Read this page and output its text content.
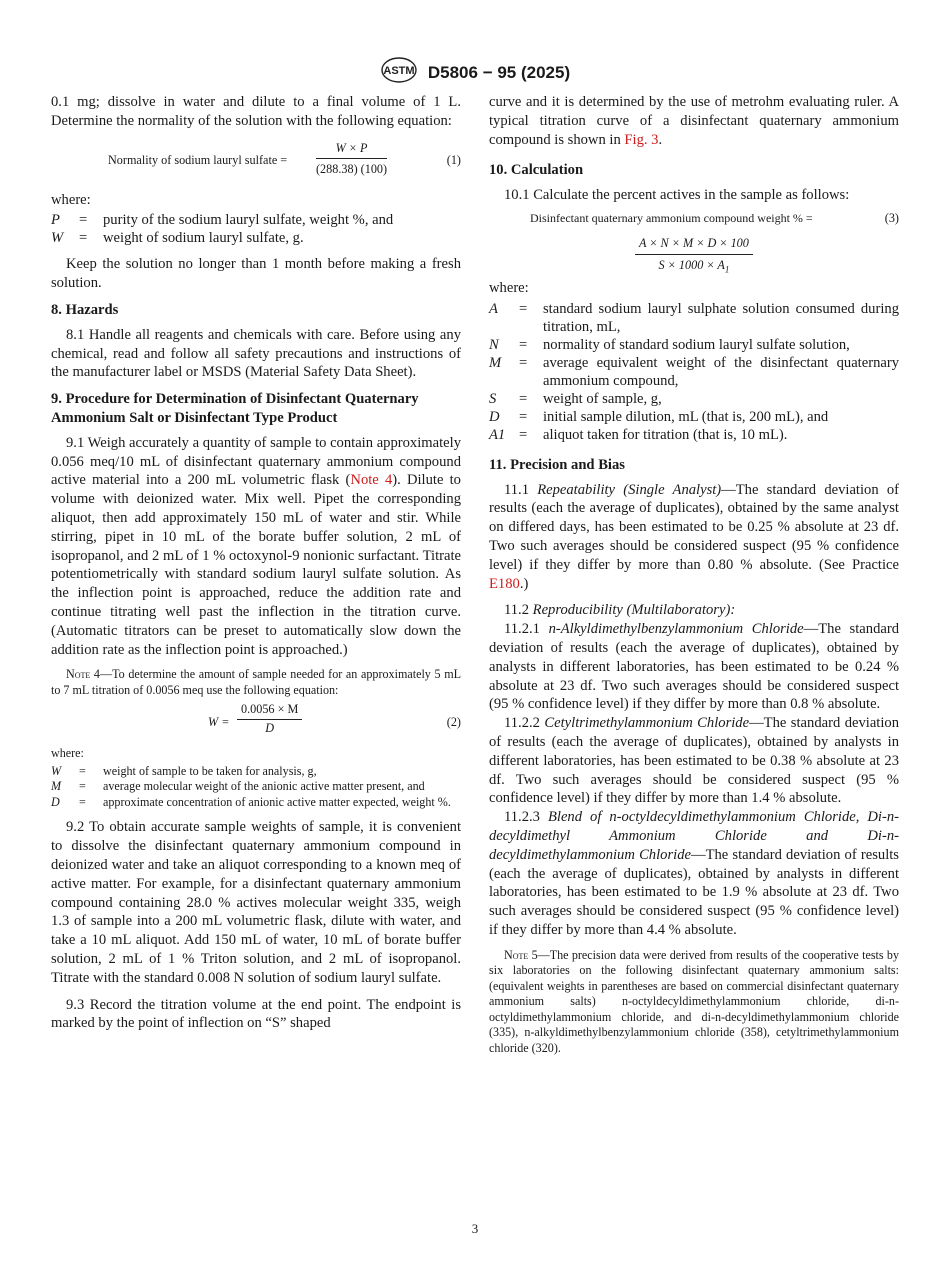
ASTM D5806 − 95 (2025)

0.1 mg; dissolve in water and dilute to a final volume of 1 L. Determine the normality of the solution with the following equation:

Normality of sodium lauryl sulfate = $\frac{W \times P}{(288.38) (100)}$	(1)

where:

P	=	purity of the sodium lauryl sulfate, weight %, and
W	=	weight of sodium lauryl sulfate, g.

Keep the solution no longer than 1 month before making a fresh solution.

8. Hazards

8.1 Handle all reagents and chemicals with care. Before using any chemical, read and follow all safety precautions and instructions of the manufacturer label or MSDS (Material Safety Data Sheet).

9. Procedure for Determination of Disinfectant Quaternary Ammonium Salt or Disinfectant Type Product

9.1 Weigh accurately a quantity of sample to contain approximately 0.056 meq/10 mL of disinfectant quaternary ammonium compound active material into a 200 mL volumetric flask (Note 4). Dilute to volume with deionized water. Mix well. Pipet the corresponding aliquot, then add approximately 150 mL of water and stir. While stirring, pipet in 10 mL of the borate buffer solution, 2 mL of isopropanol, and 2 mL of 1 % octoxynol-9 nonionic surfactant. Titrate potentiometrically with standard sodium lauryl sulfate solution. As the inflection point is approached, reduce the addition rate and continue titrating well past the inflection in the titration curve. (Automatic titrators can be preset to automatically slow down the addition rate as the inflection point is approached.)

Note 4—To determine the amount of sample needed for an approximately 5 mL to 7 mL titration of 0.0056 meq use the following equation:

$W = \frac{0.0056 \times M}{D}$	(2)

where:

W	=	weight of sample to be taken for analysis, g,
M	=	average molecular weight of the anionic active matter present, and
D	=	approximate concentration of anionic active matter expected, weight %.

9.2 To obtain accurate sample weights of sample, it is convenient to dissolve the disinfectant quaternary ammonium compound in deionized water and take an aliquot corresponding to a known meq of active matter. For example, for a disinfectant quaternary ammonium compound containing 28.0 % actives molecular weight 335, weigh 1.3 of sample into a 200 mL volumetric flask, dilute with water, and take a 10 mL aliquot. Add 150 mL of water, 10 mL of borate buffer solution, 2 mL of 1 % Triton solution, and 2 mL of isopropanol. Titrate with the standard 0.008 N solution of sodium lauryl sulfate.

9.3 Record the titration volume at the end point. The endpoint is marked by the point of inflection on “S” shaped

curve and it is determined by the use of metrohm evaluating ruler. A typical titration curve of a disinfectant quaternary ammonium compound is shown in Fig. 3.

10. Calculation

10.1 Calculate the percent actives in the sample as follows:

Disinfectant quaternary ammonium compound weight % =	(3)
$\frac{A \times N \times M \times D \times 100}{S \times 1000 \times A_1}$

where:

A	=	standard sodium lauryl sulphate solution consumed during titration, mL,
N	=	normality of standard sodium lauryl sulfate solution,
M	=	average equivalent weight of the disinfectant quaternary ammonium compound,
S	=	weight of sample, g,
D	=	initial sample dilution, mL (that is, 200 mL), and
A1	=	aliquot taken for titration (that is, 10 mL).
11. Precision and Bias

11.1 Repeatability (Single Analyst)—The standard deviation of results (each the average of duplicates), obtained by the same analyst on differed days, has been estimated to be 0.25 % absolute at 23 df. Two such averages should be considered suspect (95 % confidence level) if they differ by more than 0.80 % absolute. (See Practice E180.)

11.2 Reproducibility (Multilaboratory):

11.2.1 n-Alkyldimethylbenzylammonium Chloride—The standard deviation of results (each the average of duplicates), obtained by analysts in different laboratories, has been estimated to be 0.24 % absolute at 23 df. Two such averages should be considered suspect (95 % confidence level) if they differ by more than 0.8 % absolute.

11.2.2 Cetyltrimethylammonium Chloride—The standard deviation of results (each the average of duplicates), obtained by analysts in different laboratories, has been estimated to be 0.38 % absolute at 23 df. Two such averages should be considered suspect (95 % confidence level) if they differ by more than 1.4 % absolute.

11.2.3 Blend of n-octyldecyldimethylammonium Chloride, Di-n-decyldimethyl Ammonium Chloride and Di-n-decyldimethylammonium Chloride—The standard deviation of results (each the average of duplicates), obtained by analysts in different laboratories, has been estimated to be 1.9 % absolute at 23 df. Two such averages should be considered suspect (95 % confidence level) if they differ by more than 4.4 % absolute.

Note 5—The precision data were derived from results of the cooperative tests by six laboratories on the following disinfectant quaternary ammonium salts: (equivalent weights in parentheses are based on commercial disinfectant quaternary ammonium salts) n-octyldecyldimethylammonium chloride, di-n-octyldimethylammonium chloride, and di-n-decyldimethylammonium chloride (335), n-alkyldimethylbenzylammonium chloride (358), cetyltrimethylammonium chloride (320).

3
